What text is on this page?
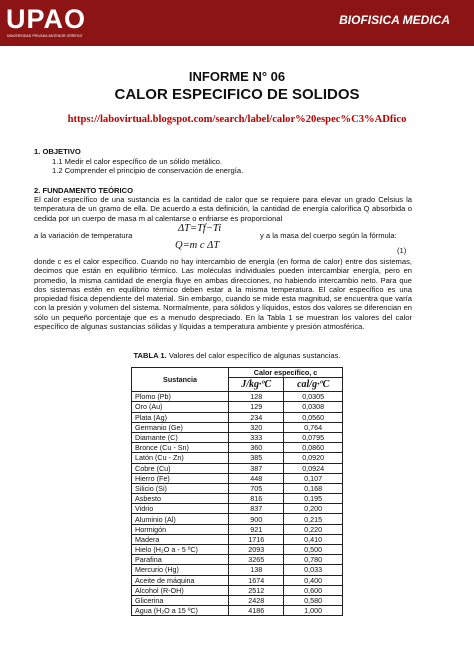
UPAO
UNIVERSIDAD PRIVADA ANTENOR ORREGO
BIOFISICA MEDICA
INFORME N° 06
CALOR ESPECIFICO DE SOLIDOS
https://labovirtual.blogspot.com/search/label/calor%20espec%C3%ADfico
1. OBJETIVO
1.1 Medir el calor específico de un sólido metálico.
1.2 Comprender el principio de conservación de energía.
2. FUNDAMENTO TEÓRICO
El calor específico de una sustancia es la cantidad de calor que se requiere para elevar un grado Celsius la temperatura de un gramo de ella. De acuerdo a esta definición, la cantidad de energía calorífica Q absorbida o cedida por un cuerpo de masa m al calentarse o enfriarse es proporcional
a la variación de temperatura
ΔT=Tf−Ti
y a la masa del cuerpo según la fórmula:
Q=m c ΔT	(1)
donde c es el calor específico. Cuando no hay intercambio de energía (en forma de calor) entre dos sistemas, decimos que están en equilibrio térmico. Las moléculas individuales pueden intercambiar energía, pero en promedio, la misma cantidad de energía fluye en ambas direcciones, no habiendo intercambio neto. Para que dos sistemas estén en equilibrio térmico deben estar a la misma temperatura. El calor específico es una propiedad física dependiente del material. Sin embargo, cuando se mide esta magnitud, se encuentra que varía con la presión y volumen del sistema. Normalmente, para sólidos y líquidos, estos dos valores se diferencian en sólo un pequeño porcentaje que es a menudo despreciado. En la Tabla 1 se muestran los valores del calor específico de algunas sustancias sólidas y líquidas a temperatura ambiente y presión atmosférica.
TABLA 1. Valores del calor específico de algunas sustancias.
Sustancia	Calor específico, c	
	J/kg·ºC	cal/g·ºC
Plomo (Pb)	128	0,0305
Oro (Au)	129	0,0308
Plata (Ag)	234	0,0560
Germanio (Ge)	320	0,764
Diamante (C)	333	0,0795
Bronce (Cu - Sn)	360	0,0860
Latón (Cu - Zn)	385	0,0920
Cobre (Cu)	387	0,0924
Hierro (Fe)	448	0,107
Silicio (Si)	705	0,168
Asbesto	816	0,195
Vidrio	837	0,200
Aluminio (Al)	900	0,215
Hormigón	921	0,220
Madera	1716	0,410
Hielo (H₂O a - 5 ºC)	2093	0,500
Parafina	3265	0,780
Mercurio (Hg)	138	0,033
Aceite de máquina	1674	0,400
Alcohol (R-OH)	2512	0,600
Glicerina	2428	0,580
Agua (H₂O a 15 ºC)	4186	1,000
